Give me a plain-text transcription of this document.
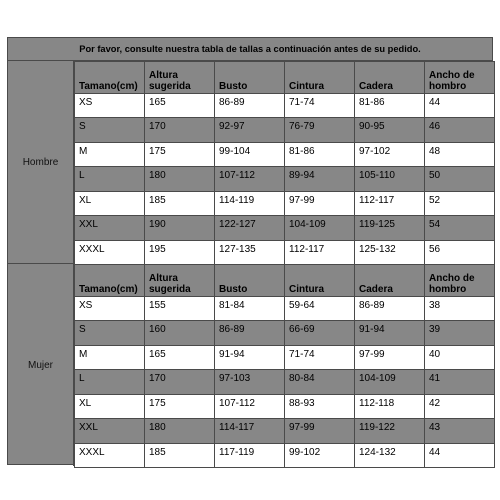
Por favor, consulte nuestra tabla de tallas a continuación antes de su pedido.
Hombre
Tamano(cm)	Altura sugerida	Busto	Cintura	Cadera	Ancho de hombro
XS	165	86-89	71-74	81-86	44
S	170	92-97	76-79	90-95	46
M	175	99-104	81-86	97-102	48
L	180	107-112	89-94	105-110	50
XL	185	114-119	97-99	112-117	52
XXL	190	122-127	104-109	119-125	54
XXXL	195	127-135	112-117	125-132	56
Mujer
Tamano(cm)	Altura sugerida	Busto	Cintura	Cadera	Ancho de hombro
XS	155	81-84	59-64	86-89	38
S	160	86-89	66-69	91-94	39
M	165	91-94	71-74	97-99	40
L	170	97-103	80-84	104-109	41
XL	175	107-112	88-93	112-118	42
XXL	180	114-117	97-99	119-122	43
XXXL	185	117-119	99-102	124-132	44
